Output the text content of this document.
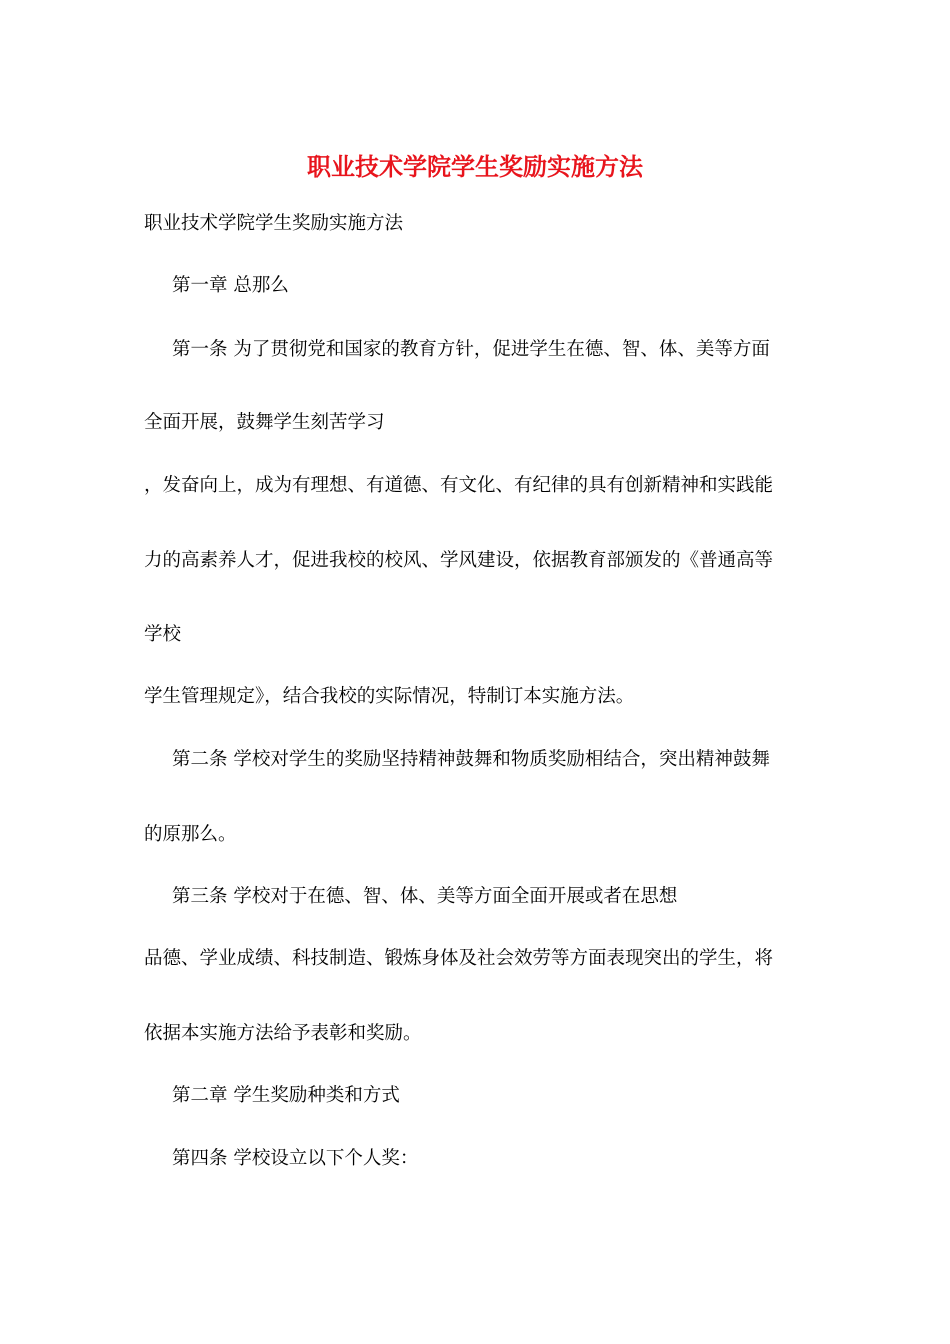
职业技术学院学生奖励实施方法
职业技术学院学生奖励实施方法
第一章 总那么
第一条 为了贯彻党和国家的教育方针，促进学生在德、智、体、美等方面
全面开展，鼓舞学生刻苦学习
，发奋向上，成为有理想、有道德、有文化、有纪律的具有创新精神和实践能
力的高素养人才，促进我校的校风、学风建设，依据教育部颁发的《普通高等
学校
学生管理规定》，结合我校的实际情况，特制订本实施方法。
第二条 学校对学生的奖励坚持精神鼓舞和物质奖励相结合，突出精神鼓舞
的原那么。
第三条 学校对于在德、智、体、美等方面全面开展或者在思想
品德、学业成绩、科技制造、锻炼身体及社会效劳等方面表现突出的学生，将
依据本实施方法给予表彰和奖励。
第二章 学生奖励种类和方式
第四条 学校设立以下个人奖：
